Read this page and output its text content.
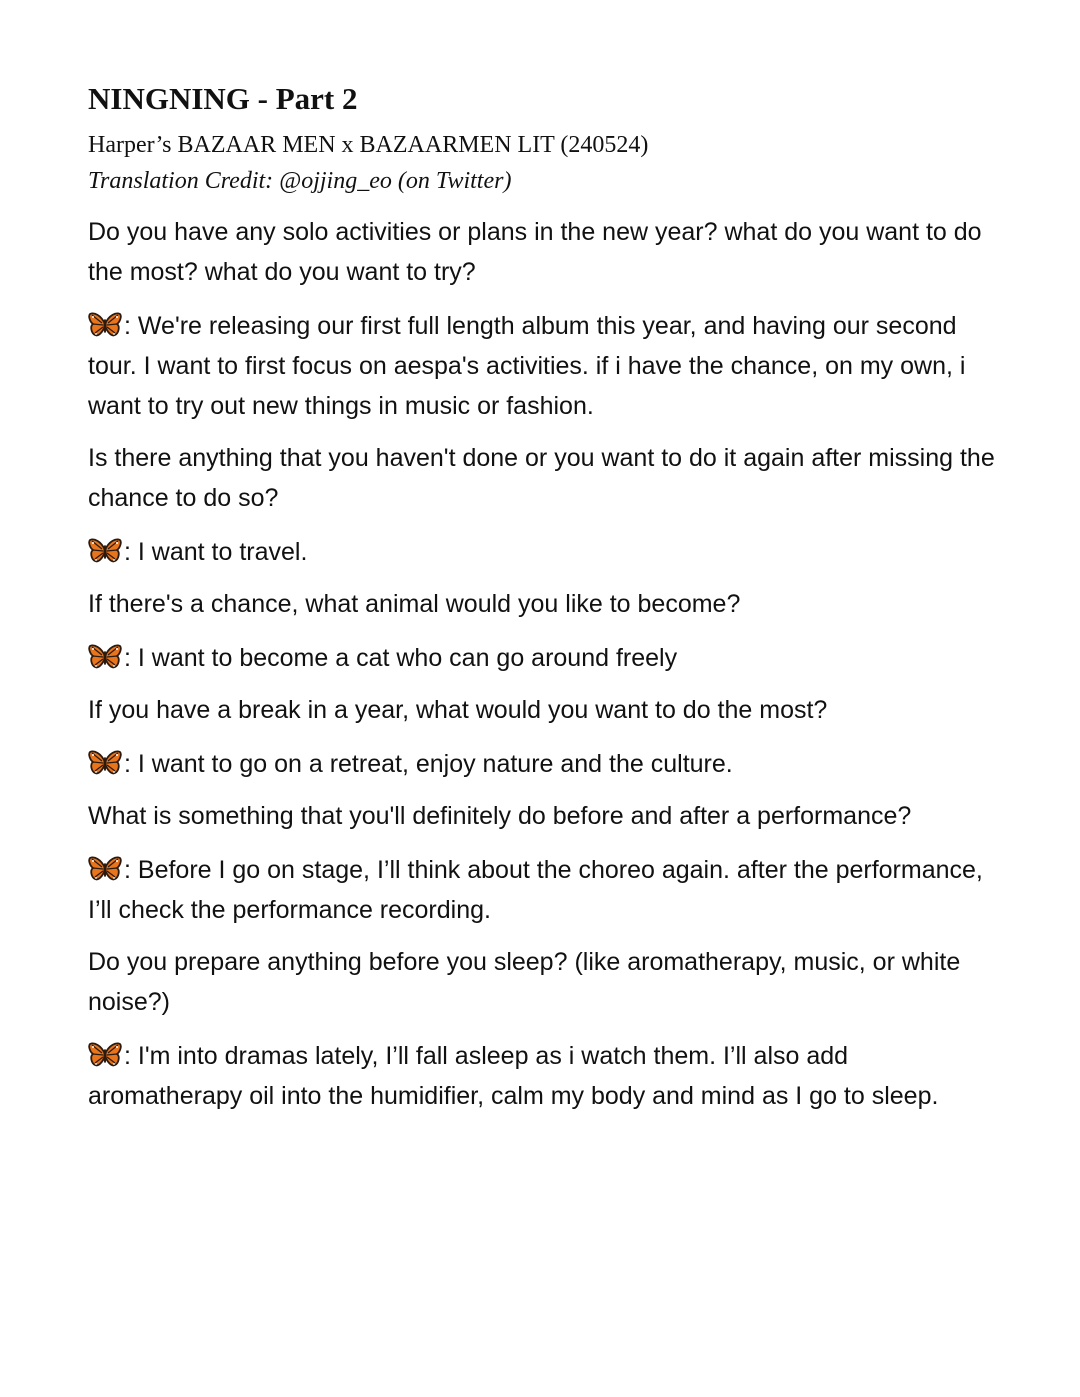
NINGNING - Part 2
Harper’s BAZAAR MEN x BAZAARMEN LIT (240524)
Translation Credit: @ojjing_eo (on Twitter)

Do you have any solo activities or plans in the new year? what do you want to do the most? what do you want to try?

: We're releasing our first full length album this year, and having our second tour. I want to first focus on aespa's activities. if i have the chance, on my own, i want to try out new things in music or fashion.

Is there anything that you haven't done or you want to do it again after missing the chance to do so?

: I want to travel.

If there's a chance, what animal would you like to become?

: I want to become a cat who can go around freely

If you have a break in a year, what would you want to do the most?

: I want to go on a retreat, enjoy nature and the culture.

What is something that you'll definitely do before and after a performance?

: Before I go on stage, I’ll think about the choreo again. after the performance, I’ll check the performance recording.

Do you prepare anything before you sleep? (like aromatherapy, music, or white noise?)

: I'm into dramas lately, I’ll fall asleep as i watch them. I’ll also add aromatherapy oil into the humidifier, calm my body and mind as I go to sleep.
